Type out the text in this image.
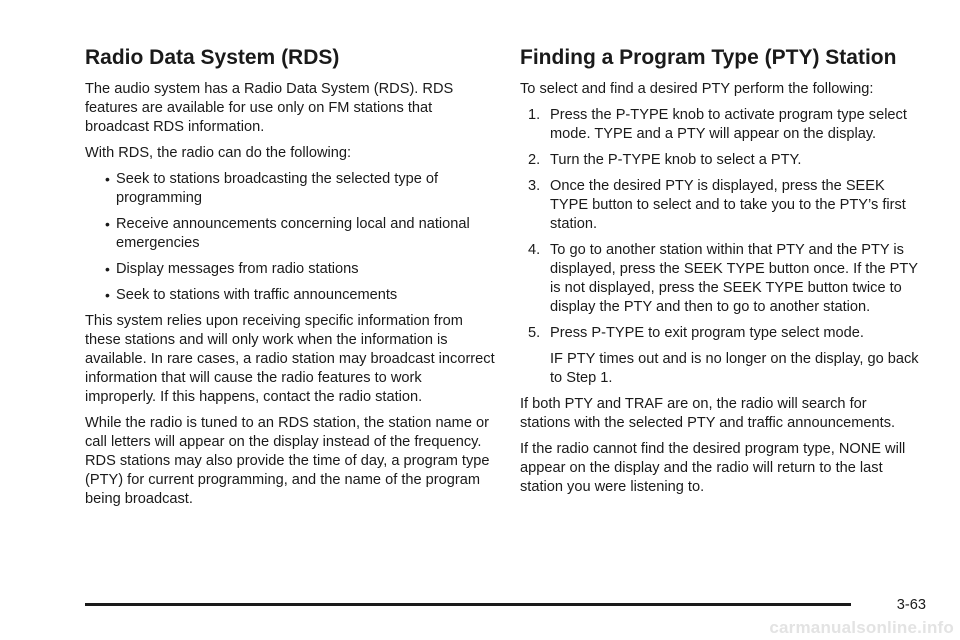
Radio Data System (RDS)

The audio system has a Radio Data System (RDS). RDS features are available for use only on FM stations that broadcast RDS information.

With RDS, the radio can do the following:

• Seek to stations broadcasting the selected type of programming
• Receive announcements concerning local and national emergencies
• Display messages from radio stations
• Seek to stations with traffic announcements

This system relies upon receiving specific information from these stations and will only work when the information is available. In rare cases, a radio station may broadcast incorrect information that will cause the radio features to work improperly. If this happens, contact the radio station.

While the radio is tuned to an RDS station, the station name or call letters will appear on the display instead of the frequency. RDS stations may also provide the time of day, a program type (PTY) for current programming, and the name of the program being broadcast.

Finding a Program Type (PTY) Station

To select and find a desired PTY perform the following:

1. Press the P-TYPE knob to activate program type select mode. TYPE and a PTY will appear on the display.
2. Turn the P-TYPE knob to select a PTY.
3. Once the desired PTY is displayed, press the SEEK TYPE button to select and to take you to the PTY’s first station.
4. To go to another station within that PTY and the PTY is displayed, press the SEEK TYPE button once. If the PTY is not displayed, press the SEEK TYPE button twice to display the PTY and then to go to another station.
5. Press P-TYPE to exit program type select mode.

IF PTY times out and is no longer on the display, go back to Step 1.

If both PTY and TRAF are on, the radio will search for stations with the selected PTY and traffic announcements.

If the radio cannot find the desired program type, NONE will appear on the display and the radio will return to the last station you were listening to.

3-63
carmanualsonline.info
